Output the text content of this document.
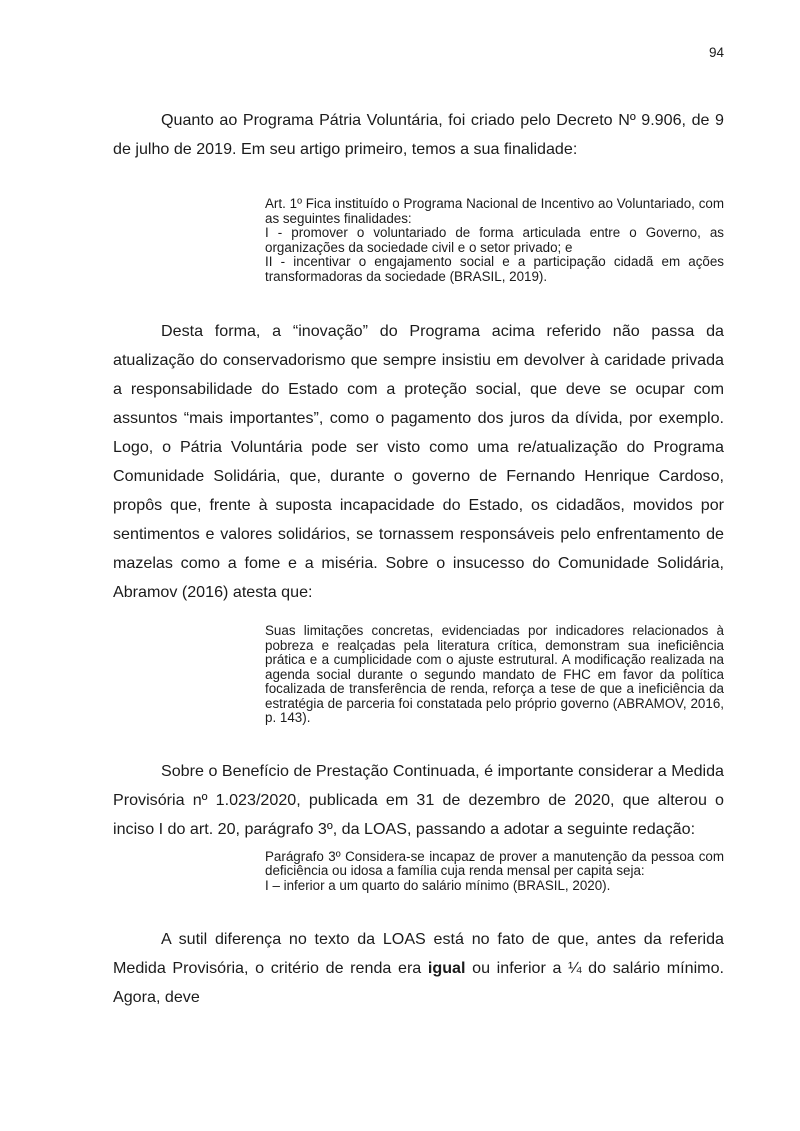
94

Quanto ao Programa Pátria Voluntária, foi criado pelo Decreto Nº 9.906, de 9 de julho de 2019. Em seu artigo primeiro, temos a sua finalidade:

Art. 1º Fica instituído o Programa Nacional de Incentivo ao Voluntariado, com as seguintes finalidades:
I - promover o voluntariado de forma articulada entre o Governo, as organizações da sociedade civil e o setor privado; e
II - incentivar o engajamento social e a participação cidadã em ações transformadoras da sociedade (BRASIL, 2019).

Desta forma, a “inovação” do Programa acima referido não passa da atualização do conservadorismo que sempre insistiu em devolver à caridade privada a responsabilidade do Estado com a proteção social, que deve se ocupar com assuntos “mais importantes”, como o pagamento dos juros da dívida, por exemplo. Logo, o Pátria Voluntária pode ser visto como uma re/atualização do Programa Comunidade Solidária, que, durante o governo de Fernando Henrique Cardoso, propôs que, frente à suposta incapacidade do Estado, os cidadãos, movidos por sentimentos e valores solidários, se tornassem responsáveis pelo enfrentamento de mazelas como a fome e a miséria. Sobre o insucesso do Comunidade Solidária, Abramov (2016) atesta que:

Suas limitações concretas, evidenciadas por indicadores relacionados à pobreza e realçadas pela literatura crítica, demonstram sua ineficiência prática e a cumplicidade com o ajuste estrutural. A modificação realizada na agenda social durante o segundo mandato de FHC em favor da política focalizada de transferência de renda, reforça a tese de que a ineficiência da estratégia de parceria foi constatada pelo próprio governo (ABRAMOV, 2016, p. 143).

Sobre o Benefício de Prestação Continuada, é importante considerar a Medida Provisória nº 1.023/2020, publicada em 31 de dezembro de 2020, que alterou o inciso I do art. 20, parágrafo 3º, da LOAS, passando a adotar a seguinte redação:

Parágrafo 3º Considera-se incapaz de prover a manutenção da pessoa com deficiência ou idosa a família cuja renda mensal per capita seja:
I – inferior a um quarto do salário mínimo (BRASIL, 2020).

A sutil diferença no texto da LOAS está no fato de que, antes da referida Medida Provisória, o critério de renda era igual ou inferior a ¼ do salário mínimo. Agora, deve
